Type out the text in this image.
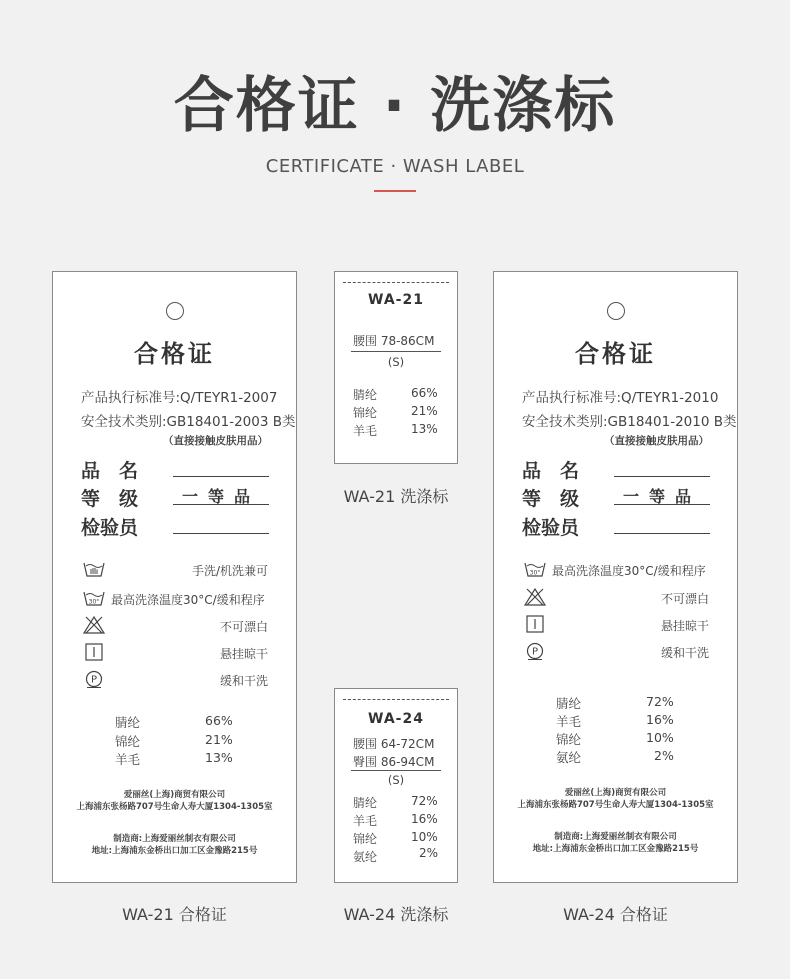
合格证 · 洗涤标
CERTIFICATE · WASH LABEL
合格证
产品执行标准号:Q/TEYR1-2007
安全技术类别:GB18401-2003 B类
（直接接触皮肤用品）
品　名
等　级	一等品
检验员
手洗/机洗兼可
30° 最高洗涤温度30°C/缓和程序
不可漂白
悬挂晾干
P	缓和干洗
腈纶	66%
锦纶	21%
羊毛	13%
爱丽丝(上海)商贸有限公司
上海浦东张杨路707号生命人寿大厦1304-1305室
制造商:上海爱丽丝制衣有限公司
地址:上海浦东金桥出口加工区金豫路215号
WA-21 合格证
WA-21
腰围 78-86CM
(S)
腈纶	66%
锦纶	21%
羊毛	13%
WA-21 洗涤标
WA-24
腰围 64-72CM
臀围 86-94CM
(S)
腈纶	72%
羊毛	16%
锦纶	10%
氨纶	2%
WA-24 洗涤标
合格证
产品执行标准号:Q/TEYR1-2010
安全技术类别:GB18401-2010 B类
（直接接触皮肤用品）
品　名
等　级	一等品
检验员
30° 最高洗涤温度30°C/缓和程序
不可漂白
悬挂晾干
P	缓和干洗
腈纶	72%
羊毛	16%
锦纶	10%
氨纶	2%
爱丽丝(上海)商贸有限公司
上海浦东张杨路707号生命人寿大厦1304-1305室
制造商:上海爱丽丝制衣有限公司
地址:上海浦东金桥出口加工区金豫路215号
WA-24 合格证
